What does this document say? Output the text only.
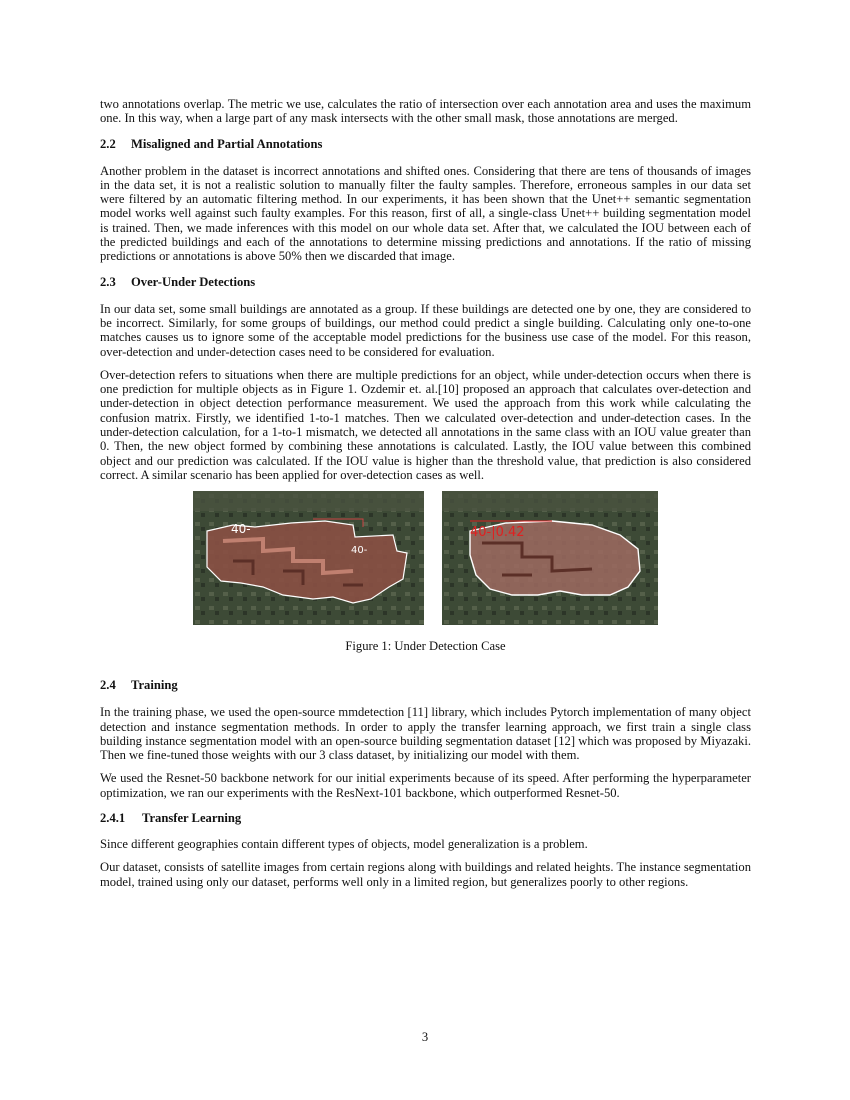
two annotations overlap. The metric we use, calculates the ratio of intersection over each annotation area and uses the maximum one. In this way, when a large part of any mask intersects with the other small mask, those annotations are merged.

2.2 Misaligned and Partial Annotations

Another problem in the dataset is incorrect annotations and shifted ones. Considering that there are tens of thousands of images in the data set, it is not a realistic solution to manually filter the faulty samples. Therefore, erroneous samples in our data set were filtered by an automatic filtering method. In our experiments, it has been shown that the Unet++ semantic segmentation model works well against such faulty examples. For this reason, first of all, a single-class Unet++ building segmentation model is trained. Then, we made inferences with this model on our whole data set. After that, we calculated the IOU between each of the predicted buildings and each of the annotations to determine missing predictions and annotations. If the ratio of missing predictions or annotations is above 50% then we discarded that image.

2.3 Over-Under Detections

In our data set, some small buildings are annotated as a group. If these buildings are detected one by one, they are considered to be incorrect. Similarly, for some groups of buildings, our method could predict a single building. Calculating only one-to-one matches causes us to ignore some of the acceptable model predictions for the business use case of the model. For this reason, over-detection and under-detection cases need to be considered for evaluation.

Over-detection refers to situations when there are multiple predictions for an object, while under-detection occurs when there is one prediction for multiple objects as in Figure 1. Ozdemir et. al.[10] proposed an approach that calculates over-detection and under-detection in object detection performance measurement. We used the approach from this work while calculating the confusion matrix. Firstly, we identified 1-to-1 matches. Then we calculated over-detection and under-detection cases. In the under-detection calculation, for a 1-to-1 mismatch, we detected all annotations in the same class with an IOU value greater than 0. Then, the new object formed by combining these annotations is calculated. Lastly, the IOU value between this combined object and our prediction was calculated. If the IOU value is higher than the threshold value, that prediction is also considered correct. A similar scenario has been applied for over-detection cases as well.

40-
40-
40-|0.42
Figure 1: Under Detection Case
2.4 Training

In the training phase, we used the open-source mmdetection [11] library, which includes Pytorch implementation of many object detection and instance segmentation methods. In order to apply the transfer learning approach, we first train a single class building instance segmentation model with an open-source building segmentation dataset [12] which was proposed by Miyazaki. Then we fine-tuned those weights with our 3 class dataset, by initializing our model with them.

We used the Resnet-50 backbone network for our initial experiments because of its speed. After performing the hyperparameter optimization, we ran our experiments with the ResNext-101 backbone, which outperformed Resnet-50.

2.4.1 Transfer Learning

Since different geographies contain different types of objects, model generalization is a problem.

Our dataset, consists of satellite images from certain regions along with buildings and related heights. The instance segmentation model, trained using only our dataset, performs well only in a limited region, but generalizes poorly to other regions.

3
